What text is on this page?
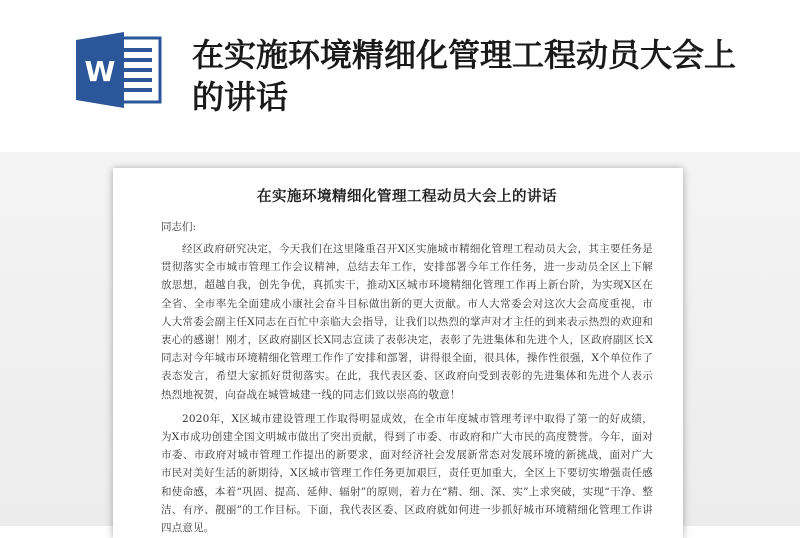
W 在实施环境精细化管理工程动员大会上的讲话
在实施环境精细化管理工程动员大会上的讲话
同志们:

经区政府研究决定，今天我们在这里隆重召开X区实施城市精细化管理工程动员大会，其主要任务是贯彻落实全市城市管理工作会议精神，总结去年工作，安排部署今年工作任务，进一步动员全区上下解放思想，超越自我，创先争优，真抓实干，推动X区城市环境精细化管理工作再上新台阶，为实现X区在全省、全市率先全面建成小康社会奋斗目标做出新的更大贡献。市人大常委会对这次大会高度重视，市人大常委会副主任X同志在百忙中亲临大会指导，让我们以热烈的掌声对才主任的到来表示热烈的欢迎和衷心的感谢！刚才，区政府副区长X同志宣读了表彰决定，表彰了先进集体和先进个人，区政府副区长X同志对今年城市环境精细化管理工作作了安排和部署，讲得很全面，很具体，操作性很强，X个单位作了表态发言，希望大家抓好贯彻落实。在此，我代表区委、区政府向受到表彰的先进集体和先进个人表示热烈地祝贺，向奋战在城管城建一线的同志们致以崇高的敬意！

2020年，X区城市建设管理工作取得明显成效，在全市年度城市管理考评中取得了第一的好成绩，为X市成功创建全国文明城市做出了突出贡献，得到了市委、市政府和广大市民的高度赞誉。今年，面对市委、市政府对城市管理工作提出的新要求，面对经济社会发展新常态对发展环境的新挑战，面对广大市民对美好生活的新期待，X区城市管理工作任务更加艰巨，责任更加重大，全区上下要切实增强责任感和使命感，本着“巩固、提高、延伸、辐射”的原则，着力在“精、细、深、实”上求突破，实现“干净、整洁、有序、靓丽”的工作目标。下面，我代表区委、区政府就如何进一步抓好城市环境精细化管理工作讲四点意见。
